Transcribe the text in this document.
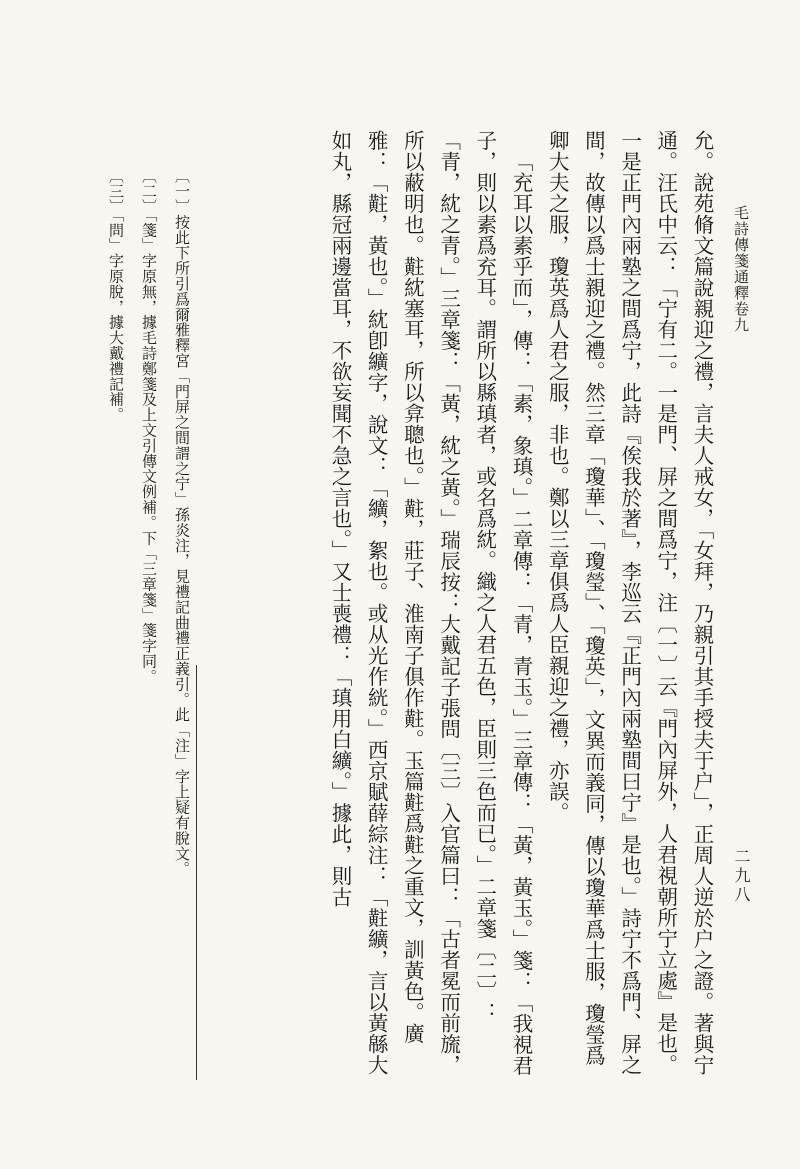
毛詩傳箋通釋卷九
二九八

允。說苑脩文篇說親迎之禮，言夫人戒女，「女拜，乃親引其手授夫于户」，正周人逆於户之證。著與宁通。汪氏中云：「宁有二。一是門、屏之間爲宁，注〔一〕云『門內屏外，人君視朝所宁立處』是也。一是正門內兩塾之間爲宁，此詩『俟我於著』，李巡云『正門內兩塾間曰宁』是也。」詩宁不爲門、屏之間，故傳以爲士親迎之禮。然三章「瓊華」、「瓊瑩」、「瓊英」，文異而義同，傳以瓊華爲士服，瓊瑩爲卿大夫之服，瓊英爲人君之服，非也。鄭以三章俱爲人臣親迎之禮，亦誤。

「充耳以素乎而」，傳：「素，象瑱。」二章傳：「青，青玉。」三章傳：「黃，黃玉。」箋：「我視君子，則以素爲充耳。謂所以縣瑱者，或名爲紞。織之人君五色，臣則三色而已。」二章箋〔二〕：「青，紞之青。」三章箋：「黃，紞之黃。」瑞辰按：大戴記子張問〔三〕入官篇曰：「古者冕而前旒，所以蔽明也。黈紞塞耳，所以弇聰也。」黈，莊子、淮南子俱作黈。玉篇黈爲黈之重文，訓黃色。廣雅：「黈，黃也。」紞卽纊字，說文：「纊，絮也。或从光作絖。」西京賦薛綜注：「黈纊，言以黃緜大如丸，縣冠兩邊當耳，不欲妄聞不急之言也。」又士喪禮：「瑱用白纊。」據此，則古

〔一〕按此下所引爲爾雅釋宮「門屏之間謂之宁」孫炎注，見禮記曲禮正義引。此「注」字上疑有脫文。

〔二〕「箋」字原無，據毛詩鄭箋及上文引傳文例補。下「三章箋」箋字同。

〔三〕「問」字原脫，據大戴禮記補。
